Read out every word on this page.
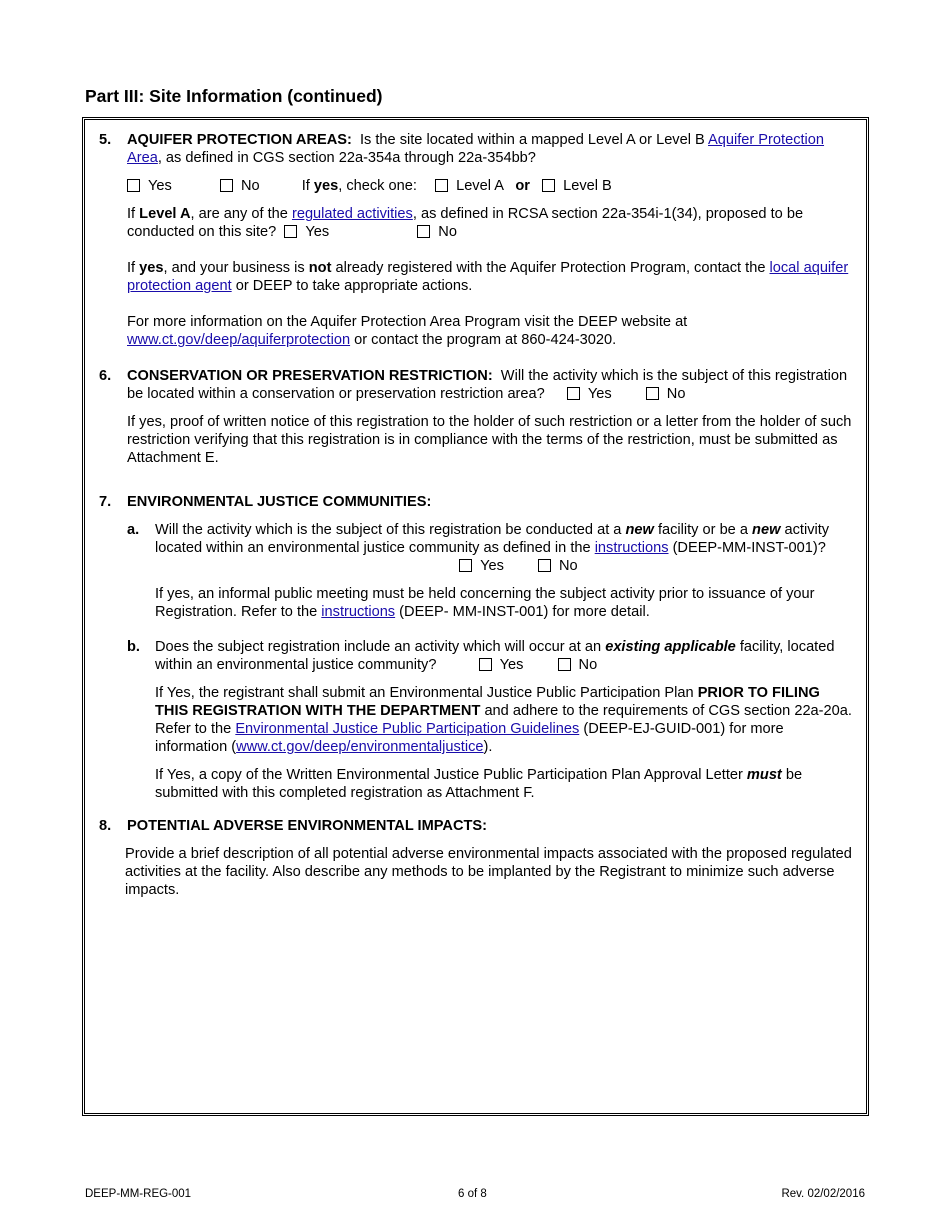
Part III: Site Information (continued)
5. AQUIFER PROTECTION AREAS: Is the site located within a mapped Level A or Level B Aquifer Protection Area, as defined in CGS section 22a-354a through 22a-354bb?

Yes	No	If yes, check one:	Level A or Level B

If Level A, are any of the regulated activities, as defined in RCSA section 22a-354i-1(34), proposed to be conducted on this site? Yes	No

If yes, and your business is not already registered with the Aquifer Protection Program, contact the local aquifer protection agent or DEEP to take appropriate actions.

For more information on the Aquifer Protection Area Program visit the DEEP website at www.ct.gov/deep/aquiferprotection or contact the program at 860-424-3020.

6. CONSERVATION OR PRESERVATION RESTRICTION: Will the activity which is the subject of this registration be located within a conservation or preservation restriction area?	Yes	No

If yes, proof of written notice of this registration to the holder of such restriction or a letter from the holder of such restriction verifying that this registration is in compliance with the terms of the restriction, must be submitted as Attachment E.

7. ENVIRONMENTAL JUSTICE COMMUNITIES:
a. Will the activity which is the subject of this registration be conducted at a new facility or be a new activity located within an environmental justice community as defined in the instructions (DEEP-MM-INST-001)?  Yes	No

If yes, an informal public meeting must be held concerning the subject activity prior to issuance of your Registration. Refer to the instructions (DEEP- MM-INST-001) for more detail.

b. Does the subject registration include an activity which will occur at an existing applicable facility, located within an environmental justice community?	Yes	No

If Yes, the registrant shall submit an Environmental Justice Public Participation Plan PRIOR TO FILING THIS REGISTRATION WITH THE DEPARTMENT and adhere to the requirements of CGS section 22a-20a. Refer to the Environmental Justice Public Participation Guidelines (DEEP-EJ-GUID-001) for more information (www.ct.gov/deep/environmentaljustice).

If Yes, a copy of the Written Environmental Justice Public Participation Plan Approval Letter must be submitted with this completed registration as Attachment F.

8. POTENTIAL ADVERSE ENVIRONMENTAL IMPACTS:

Provide a brief description of all potential adverse environmental impacts associated with the proposed regulated activities at the facility. Also describe any methods to be implanted by the Registrant to minimize such adverse impacts.

DEEP-MM-REG-001	6 of 8	Rev. 02/02/2016
